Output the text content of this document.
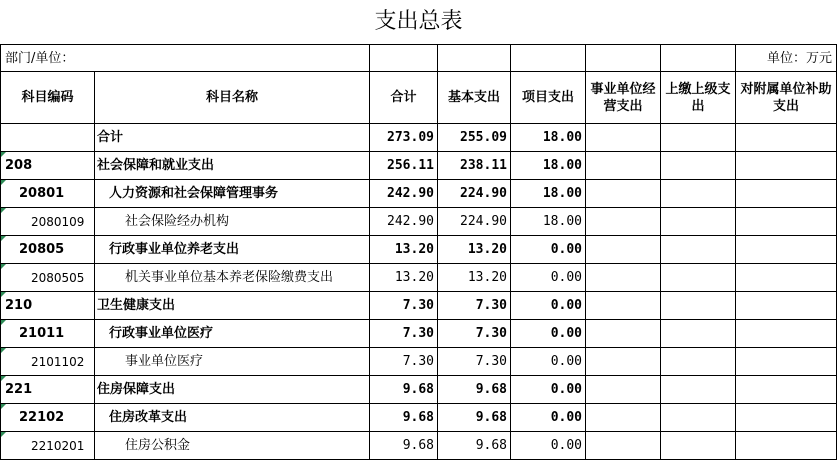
支出总表							
部门/单位：							单位：万元
科目编码	科目名称	合计	基本支出	项目支出	事业单位经营支出	上缴上级支出	对附属单位补助支出

	合计	273.09	255.09	18.00			

208	社会保障和就业支出	256.11	238.11	18.00			

20801	人力资源和社会保障管理事务	242.90	224.90	18.00			

2080109	社会保险经办机构	242.90	224.90	18.00			

20805	行政事业单位养老支出	13.20	13.20	0.00			

2080505	机关事业单位基本养老保险缴费支出	13.20	13.20	0.00			

210	卫生健康支出	7.30	7.30	0.00			

21011	行政事业单位医疗	7.30	7.30	0.00			

2101102	事业单位医疗	7.30	7.30	0.00			

221	住房保障支出	9.68	9.68	0.00			

22102	住房改革支出	9.68	9.68	0.00			

2210201	住房公积金	9.68	9.68	0.00			
